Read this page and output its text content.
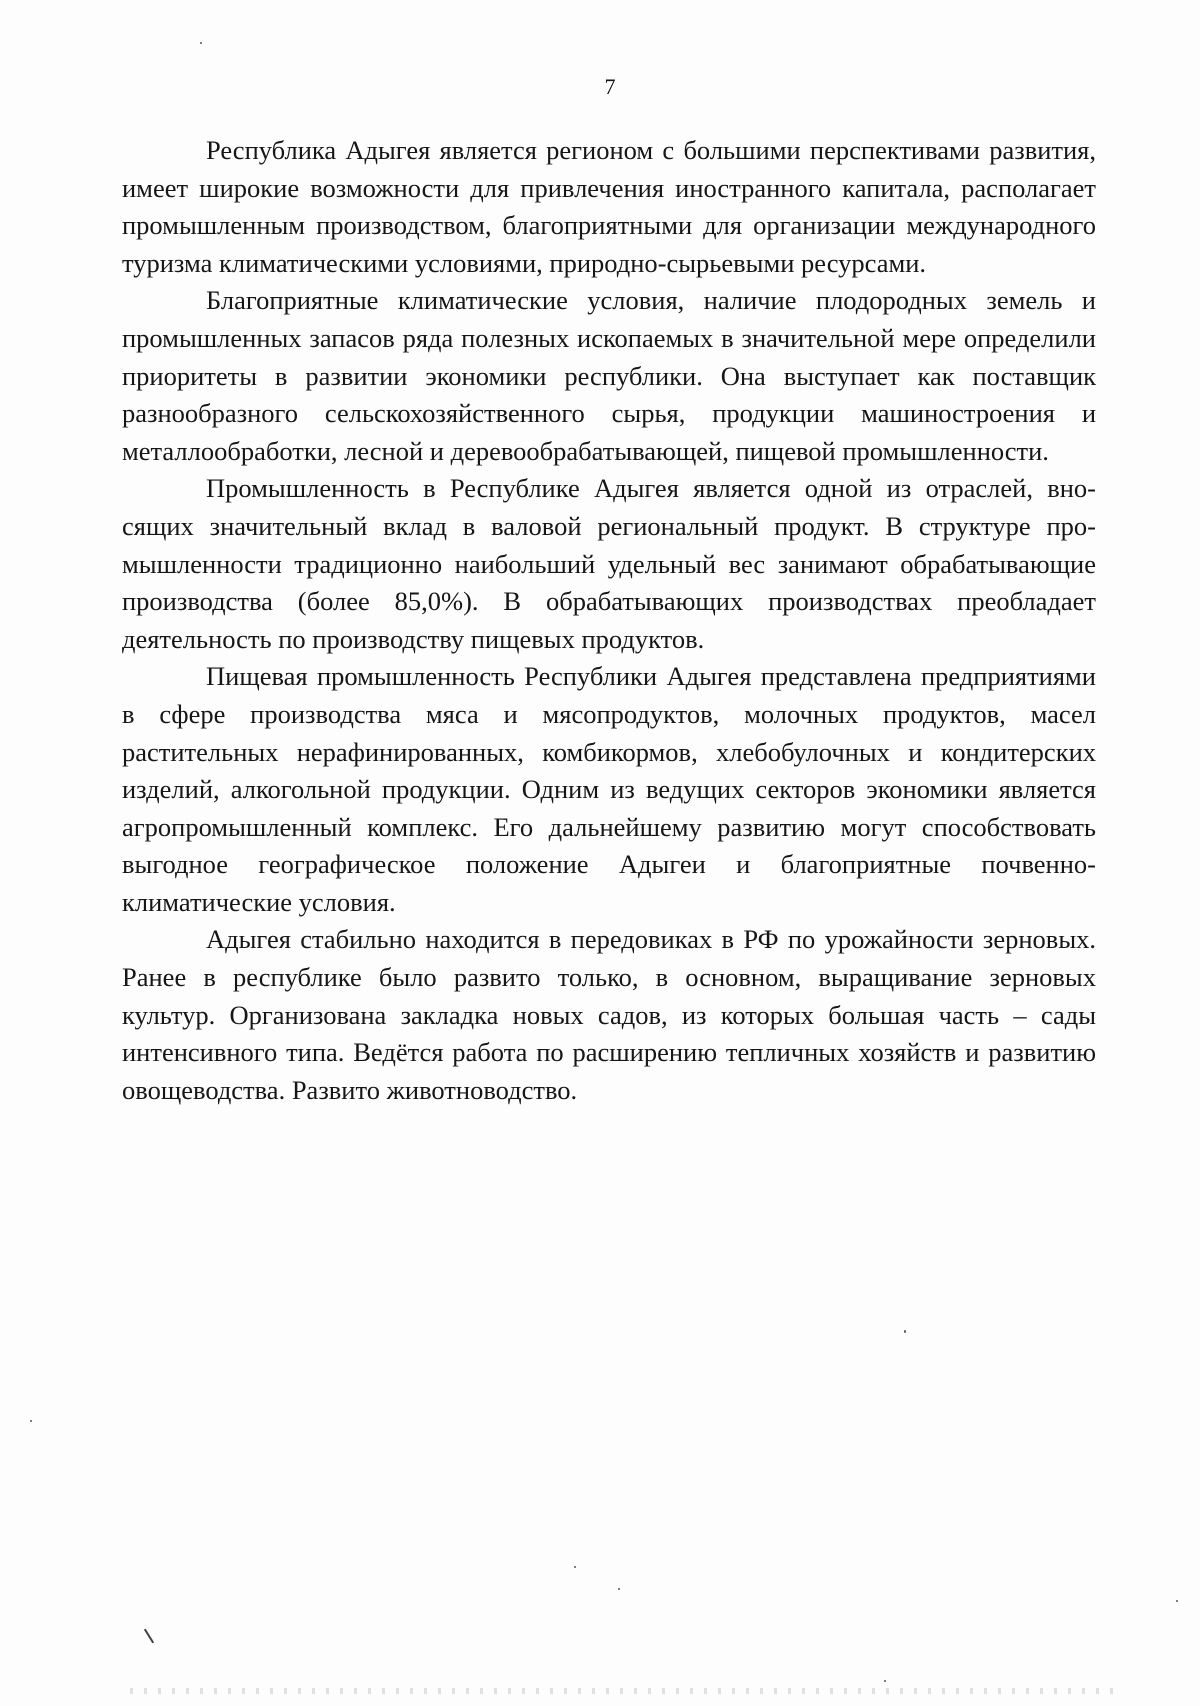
7

Республика Адыгея является регионом с большими перспективами развития, имеет широкие возможности для привлечения иностранного капитала, располагает промышленным производством, благоприятными для организации международного туризма климатическими условиями, природно-сырьевыми ресурсами.

Благоприятные климатические условия, наличие плодородных земель и промышленных запасов ряда полезных ископаемых в значительной мере определили приоритеты в развитии экономики республики. Она выступает как поставщик разнообразного сельскохозяйственного сырья, продукции машиностроения и металлообработки, лесной и деревообрабатывающей, пищевой промышленности.

Промышленность в Республике Адыгея является одной из отраслей, вносящих значительный вклад в валовой региональный продукт. В структуре промышленности традиционно наибольший удельный вес занимают обрабатывающие производства (более 85,0%). В обрабатывающих производствах преобладает деятельность по производству пищевых продуктов.

Пищевая промышленность Республики Адыгея представлена предприятиями в сфере производства мяса и мясопродуктов, молочных продуктов, масел растительных нерафинированных, комбикормов, хлебобулочных и кондитерских изделий, алкогольной продукции. Одним из ведущих секторов экономики является агропромышленный комплекс. Его дальнейшему развитию могут способствовать выгодное географическое положение Адыгеи и благоприятные почвенно-климатические условия.

Адыгея стабильно находится в передовиках в РФ по урожайности зерновых. Ранее в республике было развито только, в основном, выращивание зерновых культур. Организована закладка новых садов, из которых большая часть – сады интенсивного типа. Ведётся работа по расширению тепличных хозяйств и развитию овощеводства. Развито животноводство.
